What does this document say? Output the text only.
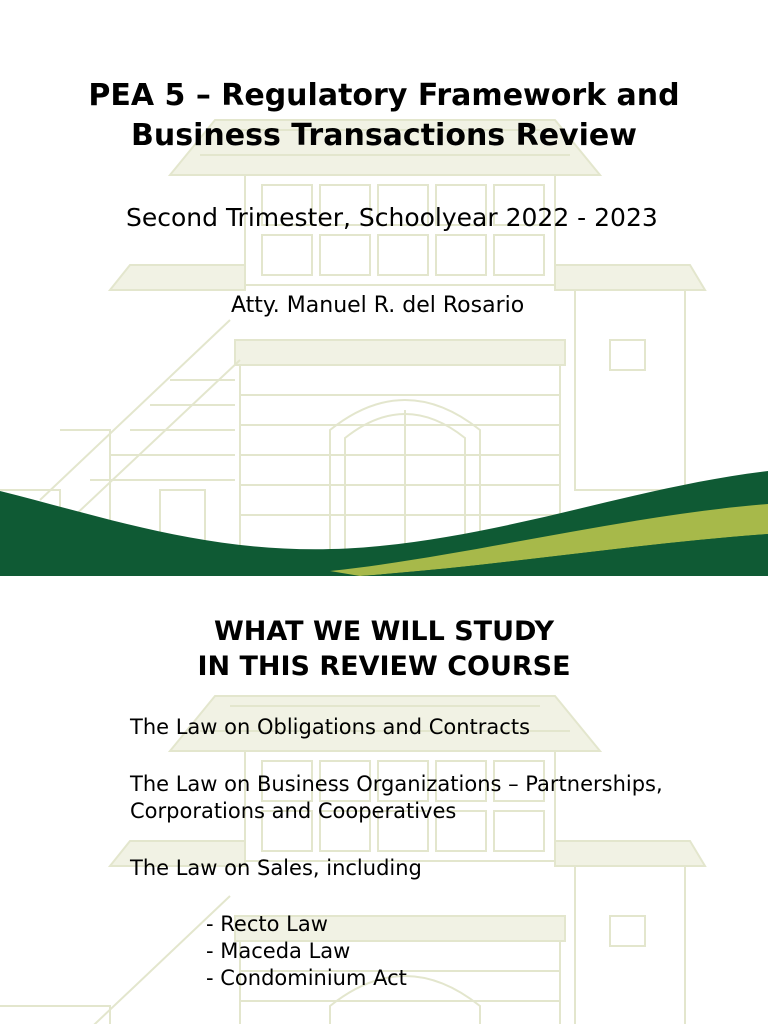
PEA 5 – Regulatory Framework and
Business Transactions Review
Second Trimester, Schoolyear 2022 - 2023
Atty. Manuel R. del Rosario
WHAT WE WILL STUDY
IN THIS REVIEW COURSE
The Law on Obligations and Contracts
The Law on Business Organizations – Partnerships,
Corporations and Cooperatives
The Law on Sales, including
- Recto Law
- Maceda Law
- Condominium Act
